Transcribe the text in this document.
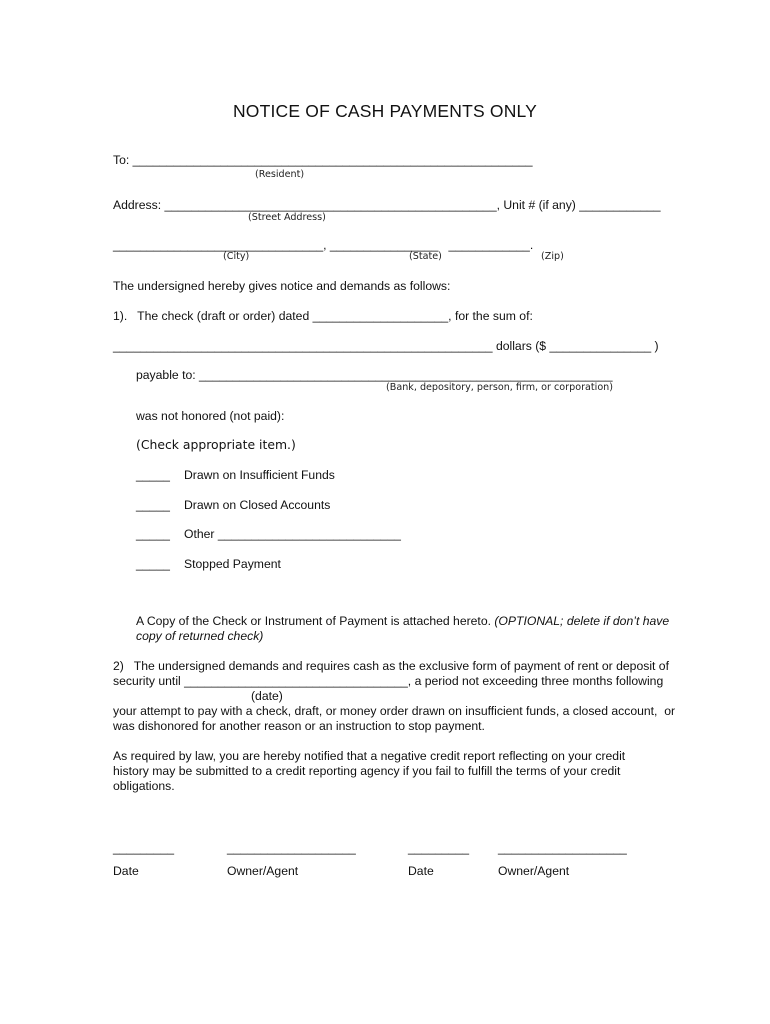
NOTICE OF CASH PAYMENTS ONLY
To: ___________________________________________________________
(Resident)
Address: _________________________________________________, Unit # (if any) ____________
(Street Address)
_______________________________, ________________   ____________.
(City)	(State)	(Zip)
The undersigned hereby gives notice and demands as follows:
1).   The check (draft or order) dated ____________________, for the sum of:
________________________________________________________ dollars ($ _______________ )
payable to: _____________________________________________________________
(Bank, depository, person, firm, or corporation)
was not honored (not paid):
(Check appropriate item.)
_____ Drawn on Insufficient Funds
_____ Drawn on Closed Accounts
_____ Other ___________________________
_____ Stopped Payment
A Copy of the Check or Instrument of Payment is attached hereto. (OPTIONAL; delete if don’t have
copy of returned check)
2)   The undersigned demands and requires cash as the exclusive form of payment of rent or deposit of
security until _________________________________, a period not exceeding three months following
(date)
your attempt to pay with a check, draft, or money order drawn on insufficient funds, a closed account,  or
was dishonored for another reason or an instruction to stop payment.
As required by law, you are hereby notified that a negative credit report reflecting on your credit
history may be submitted to a credit reporting agency if you fail to fulfill the terms of your credit
obligations.
_________
Date
___________________
Owner/Agent
_________
Date
___________________
Owner/Agent
